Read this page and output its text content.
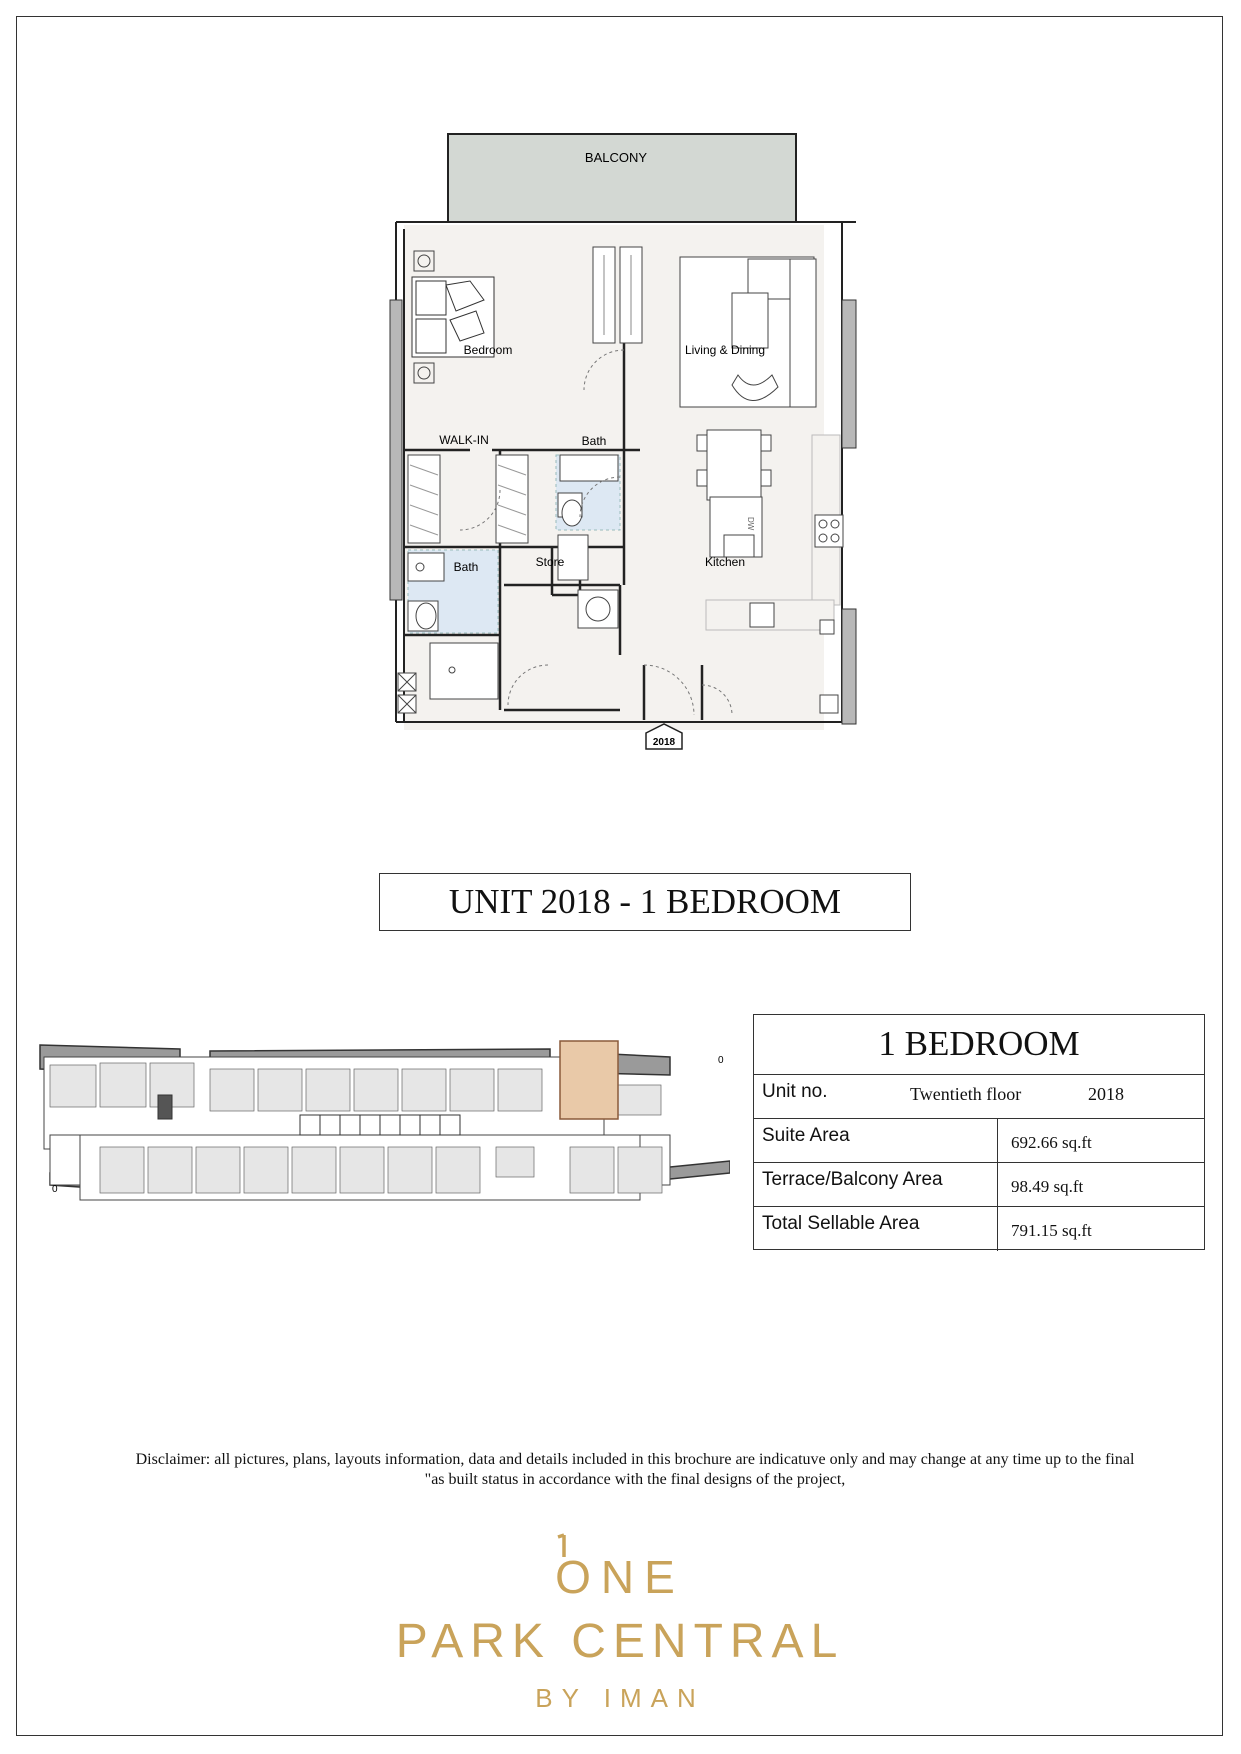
BALCONY
DW
Bedroom	Living & Dining
WALK-IN	Bath
Bath	Store	Kitchen
2018
UNIT 2018 - 1 BEDROOM
0
0
1 BEDROOM
Unit no.	Twentieth floor	2018
Suite Area	692.66 sq.ft
Terrace/Balcony Area	98.49 sq.ft
Total Sellable Area	791.15 sq.ft
Disclaimer: all pictures, plans, layouts information, data and details included in this brochure are indicatuve only and may change at any time up to the final
"as built status in accordance with the final designs of the project,
ONE
PARK CENTRAL
BY IMAN
